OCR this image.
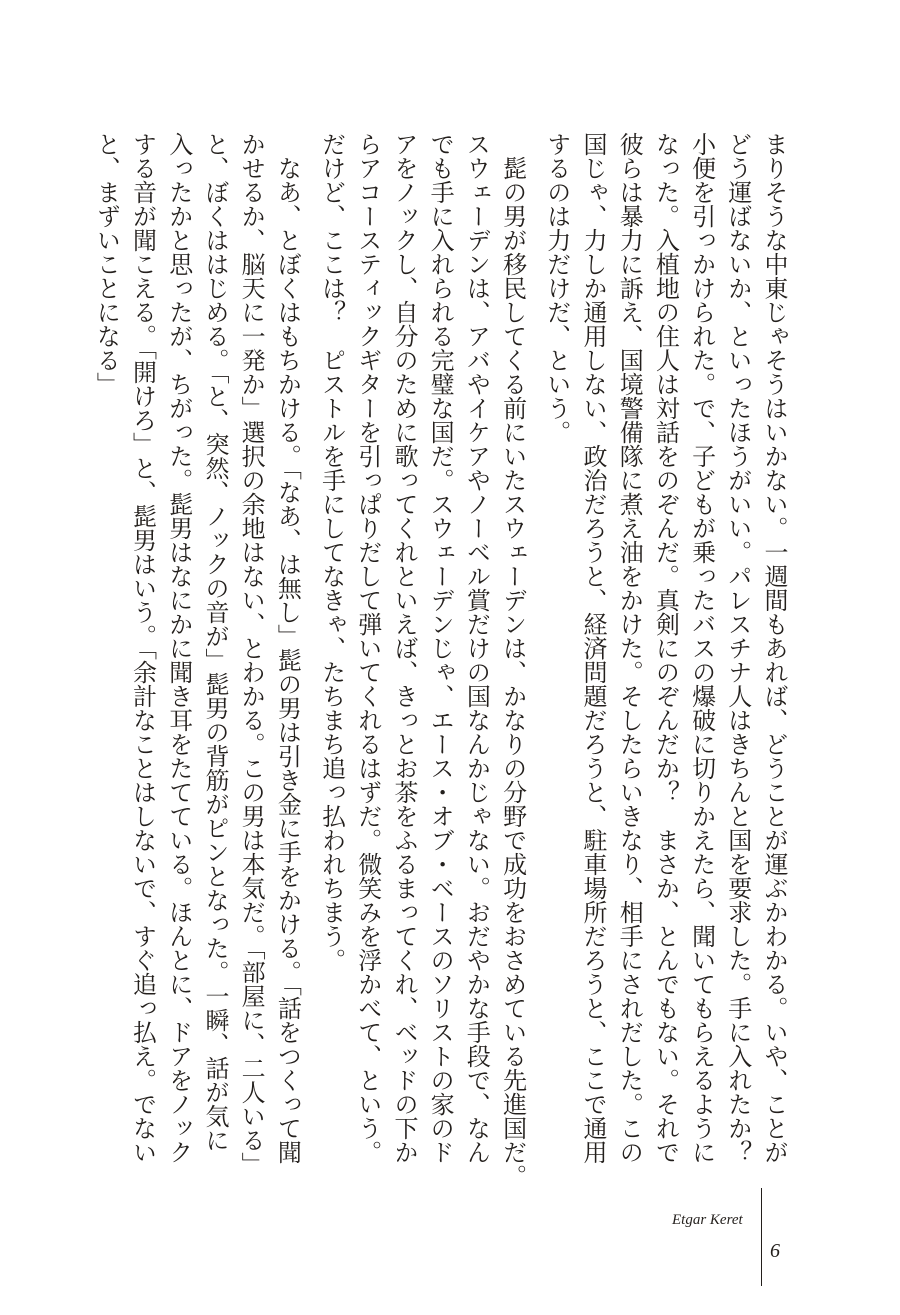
まりそうな中東じゃそうはいかない。一週間もあれば、どうことが運ぶかわかる。いや、ことが
どう運ばないか、といったほうがいい。パレスチナ人はきちんと国を要求した。手に入れたか？
小便を引っかけられた。で、子どもが乗ったバスの爆破に切りかえたら、聞いてもらえるように
なった。入植地の住人は対話をのぞんだ。真剣にのぞんだか？　まさか、とんでもない。それで
彼らは暴力に訴え、国境警備隊に煮え油をかけた。そしたらいきなり、相手にされだした。この
国じゃ、力しか通用しない、政治だろうと、経済問題だろうと、駐車場所だろうと、ここで通用
するのは力だけだ、という。
　髭の男が移民してくる前にいたスウェーデンは、かなりの分野で成功をおさめている先進国だ。
スウェーデンは、アバやイケアやノーベル賞だけの国なんかじゃない。おだやかな手段で、なん
でも手に入れられる完璧な国だ。スウェーデンじゃ、エース・オブ・ベースのソリストの家のド
アをノックし、自分のために歌ってくれといえば、きっとお茶をふるまってくれ、ベッドの下か
らアコースティックギターを引っぱりだして弾いてくれるはずだ。微笑みを浮かべて、という。
だけど、ここは？　ピストルを手にしてなきゃ、たちまち追っ払われちまう。
　なあ、とぼくはもちかける。「なあ、は無し」髭の男は引き金に手をかける。「話をつくって聞
かせるか、脳天に一発か」選択の余地はない、とわかる。この男は本気だ。「部屋に、二人いる」
と、ぼくははじめる。「と、突然、ノックの音が」髭男の背筋がピンとなった。一瞬、話が気に
入ったかと思ったが、ちがった。髭男はなにかに聞き耳をたてている。ほんとに、ドアをノック
する音が聞こえる。「開けろ」と、髭男はいう。「余計なことはしないで、すぐ追っ払え。でない
と、まずいことになる」
Etgar Keret
6
